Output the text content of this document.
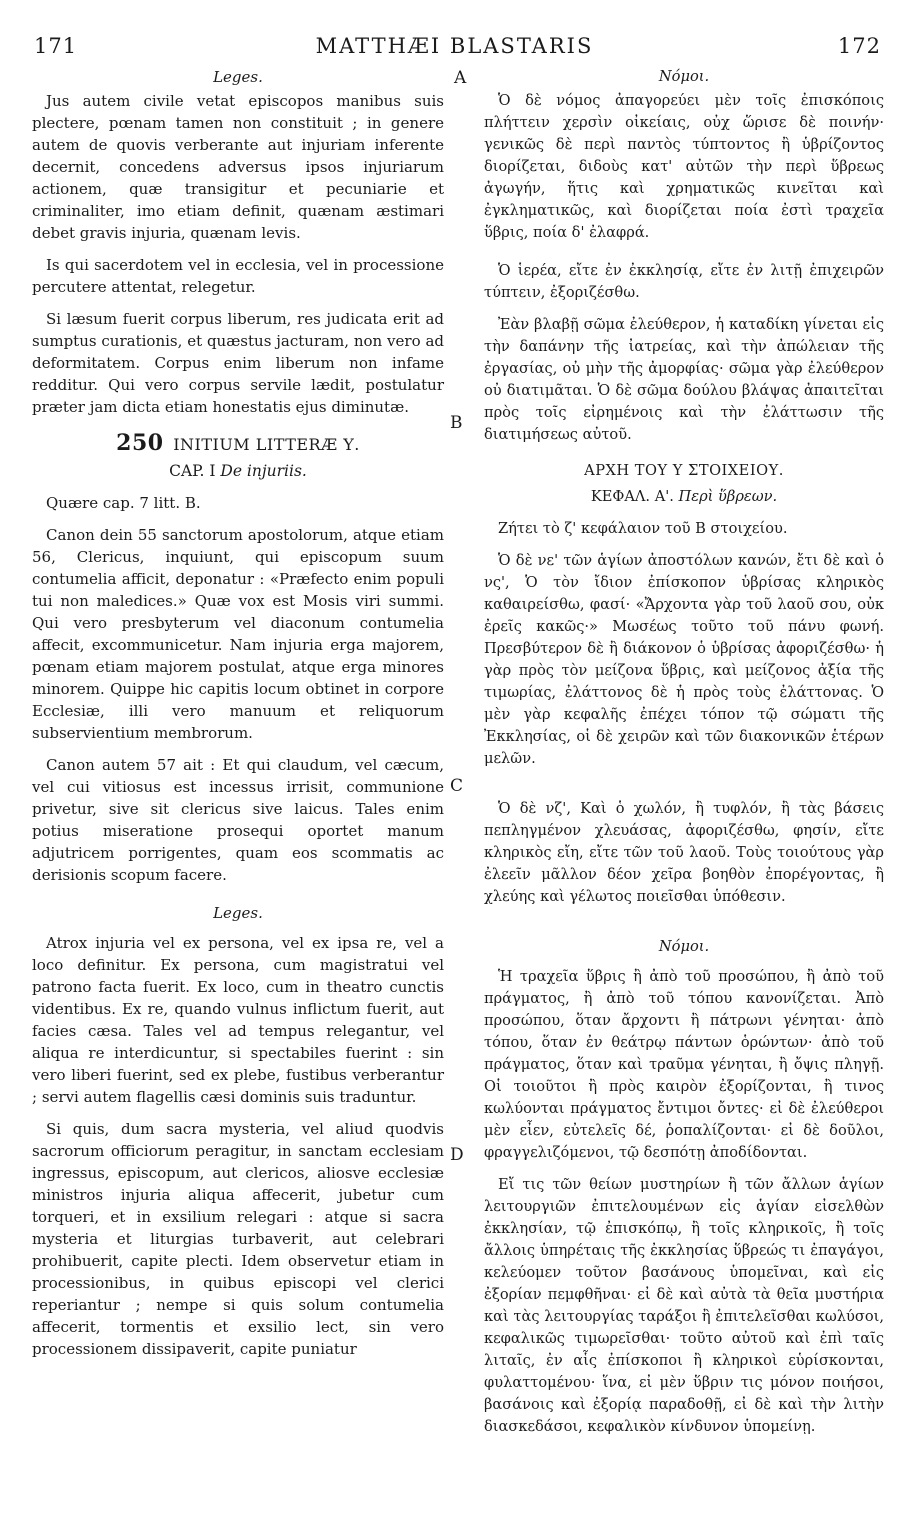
171	MATTHÆI BLASTARIS	172
A
B
C
D

Leges.

Jus autem civile vetat episcopos manibus suis plectere, pœnam tamen non constituit ; in genere autem de quovis verberante aut injuriam inferente decernit, concedens adversus ipsos injuriarum actionem, quæ transigitur et pecuniarie et criminaliter, imo etiam definit, quænam æstimari debet gravis injuria, quænam levis.

Is qui sacerdotem vel in ecclesia, vel in processione percutere attentat, relegetur.

Si læsum fuerit corpus liberum, res judicata erit ad sumptus curationis, et quæstus jacturam, non vero ad deformitatem. Corpus enim liberum non infame redditur. Qui vero corpus servile lædit, postulatur præter jam dicta etiam honestatis ejus diminutæ.

250 INITIUM LITTERÆ Υ.

CAP. I De injuriis.

Quære cap. 7 litt. B.

Canon dein 55 sanctorum apostolorum, atque etiam 56, Clericus, inquiunt, qui episcopum suum contumelia afficit, deponatur : «Præfecto enim populi tui non maledices.» Quæ vox est Mosis viri summi. Qui vero presbyterum vel diaconum contumelia affecit, excommunicetur. Nam injuria erga majorem, pœnam etiam majorem postulat, atque erga minores minorem. Quippe hic capitis locum obtinet in corpore Ecclesiæ, illi vero manuum et reliquorum subservientium membrorum.

Canon autem 57 ait : Et qui claudum, vel cæcum, vel cui vitiosus est incessus irrisit, communione privetur, sive sit clericus sive laicus. Tales enim potius miseratione prosequi oportet manum adjutricem porrigentes, quam eos scommatis ac derisionis scopum facere.

Leges.

Atrox injuria vel ex persona, vel ex ipsa re, vel a loco definitur. Ex persona, cum magistratui vel patrono facta fuerit. Ex loco, cum in theatro cunctis videntibus. Ex re, quando vulnus inflictum fuerit, aut facies cæsa. Tales vel ad tempus relegantur, vel aliqua re interdicuntur, si spectabiles fuerint : sin vero liberi fuerint, sed ex plebe, fustibus verberantur ; servi autem flagellis cæsi dominis suis traduntur.

Si quis, dum sacra mysteria, vel aliud quodvis sacrorum officiorum peragitur, in sanctam ecclesiam ingressus, episcopum, aut clericos, aliosve ecclesiæ ministros injuria aliqua affecerit, jubetur cum torqueri, et in exsilium relegari : atque si sacra mysteria et liturgias turbaverit, aut celebrari prohibuerit, capite plecti. Idem observetur etiam in processionibus, in quibus episcopi vel clerici reperiantur ; nempe si quis solum contumelia affecerit, tormentis et exsilio lect, sin vero processionem dissipaverit, capite puniatur

Νόμοι.

Ὁ δὲ νόμος ἀπαγορεύει μὲν τοῖς ἐπισκόποις πλήττειν χερσὶν οἰκείαις, οὐχ ὥρισε δὲ ποινήν· γενικῶς δὲ περὶ παντὸς τύπτοντος ἢ ὑβρίζοντος διορίζεται, διδοὺς κατ' αὐτῶν τὴν περὶ ὕβρεως ἀγωγήν, ἥτις καὶ χρηματικῶς κινεῖται καὶ ἐγκληματικῶς, καὶ διορίζεται ποία ἐστὶ τραχεῖα ὕβρις, ποία δ' ἐλαφρά.

Ὁ ἱερέα, εἴτε ἐν ἐκκλησίᾳ, εἴτε ἐν λιτῇ ἐπιχειρῶν τύπτειν, ἐξοριζέσθω.

Ἐὰν βλαβῇ σῶμα ἐλεύθερον, ἡ καταδίκη γίνεται εἰς τὴν δαπάνην τῆς ἰατρείας, καὶ τὴν ἀπώλειαν τῆς ἐργασίας, οὐ μὴν τῆς ἀμορφίας· σῶμα γὰρ ἐλεύθερον οὐ διατιμᾶται. Ὁ δὲ σῶμα δούλου βλάψας ἀπαιτεῖται πρὸς τοῖς εἰρημένοις καὶ τὴν ἐλάττωσιν τῆς διατιμήσεως αὐτοῦ.

ΑΡΧΗ ΤΟΥ Υ ΣΤΟΙΧΕΙΟΥ.

ΚΕΦΑΛ. Α'. Περὶ ὕβρεων.

Ζήτει τὸ ζ' κεφάλαιον τοῦ Β στοιχείου.

Ὁ δὲ νε' τῶν ἁγίων ἀποστόλων κανών, ἔτι δὲ καὶ ὁ νς', Ὁ τὸν ἴδιον ἐπίσκοπον ὑβρίσας κληρικὸς καθαιρείσθω, φασί· «Ἄρχοντα γὰρ τοῦ λαοῦ σου, οὐκ ἐρεῖς κακῶς·» Μωσέως τοῦτο τοῦ πάνυ φωνή. Πρεσβύτερον δὲ ἢ διάκονον ὁ ὑβρίσας ἀφοριζέσθω· ἡ γὰρ πρὸς τὸν μείζονα ὕβρις, καὶ μείζονος ἀξία τῆς τιμωρίας, ἐλάττονος δὲ ἡ πρὸς τοὺς ἐλάττονας. Ὁ μὲν γὰρ κεφαλῆς ἐπέχει τόπον τῷ σώματι τῆς Ἐκκλησίας, οἱ δὲ χειρῶν καὶ τῶν διακονικῶν ἑτέρων μελῶν.

Ὁ δὲ νζ', Καὶ ὁ χωλόν, ἢ τυφλόν, ἢ τὰς βάσεις πεπληγμένον χλευάσας, ἀφοριζέσθω, φησίν, εἴτε κληρικὸς εἴη, εἴτε τῶν τοῦ λαοῦ. Τοὺς τοιούτους γὰρ ἐλεεῖν μᾶλλον δέον χεῖρα βοηθὸν ἐπορέγοντας, ἢ χλεύης καὶ γέλωτος ποιεῖσθαι ὑπόθεσιν.

Νόμοι.

Ἡ τραχεῖα ὕβρις ἢ ἀπὸ τοῦ προσώπου, ἢ ἀπὸ τοῦ πράγματος, ἢ ἀπὸ τοῦ τόπου κανονίζεται. Ἀπὸ προσώπου, ὅταν ἄρχοντι ἢ πάτρωνι γένηται· ἀπὸ τόπου, ὅταν ἐν θεάτρῳ πάντων ὁρώντων· ἀπὸ τοῦ πράγματος, ὅταν καὶ τραῦμα γένηται, ἢ ὄψις πληγῇ. Οἱ τοιοῦτοι ἢ πρὸς καιρὸν ἐξορίζονται, ἢ τινος κωλύονται πράγματος ἔντιμοι ὄντες· εἰ δὲ ἐλεύθεροι μὲν εἶεν, εὐτελεῖς δέ, ῥοπαλίζονται· εἰ δὲ δοῦλοι, φραγγελιζόμενοι, τῷ δεσπότῃ ἀποδίδονται.

Εἴ τις τῶν θείων μυστηρίων ἢ τῶν ἄλλων ἁγίων λειτουργιῶν ἐπιτελουμένων εἰς ἁγίαν εἰσελθὼν ἐκκλησίαν, τῷ ἐπισκόπῳ, ἢ τοῖς κληρικοῖς, ἢ τοῖς ἄλλοις ὑπηρέταις τῆς ἐκκλησίας ὕβρεώς τι ἐπαγάγοι, κελεύομεν τοῦτον βασάνους ὑπομεῖναι, καὶ εἰς ἐξορίαν πεμφθῆναι· εἰ δὲ καὶ αὐτὰ τὰ θεῖα μυστήρια καὶ τὰς λειτουργίας ταράξοι ἢ ἐπιτελεῖσθαι κωλύσοι, κεφαλικῶς τιμωρεῖσθαι· τοῦτο αὐτοῦ καὶ ἐπὶ ταῖς λιταῖς, ἐν αἷς ἐπίσκοποι ἢ κληρικοὶ εὑρίσκονται, φυλαττομένου· ἵνα, εἰ μὲν ὕβριν τις μόνον ποιήσοι, βασάνοις καὶ ἐξορίᾳ παραδοθῇ, εἰ δὲ καὶ τὴν λιτὴν διασκεδάσοι, κεφαλικὸν κίνδυνον ὑπομείνῃ.
